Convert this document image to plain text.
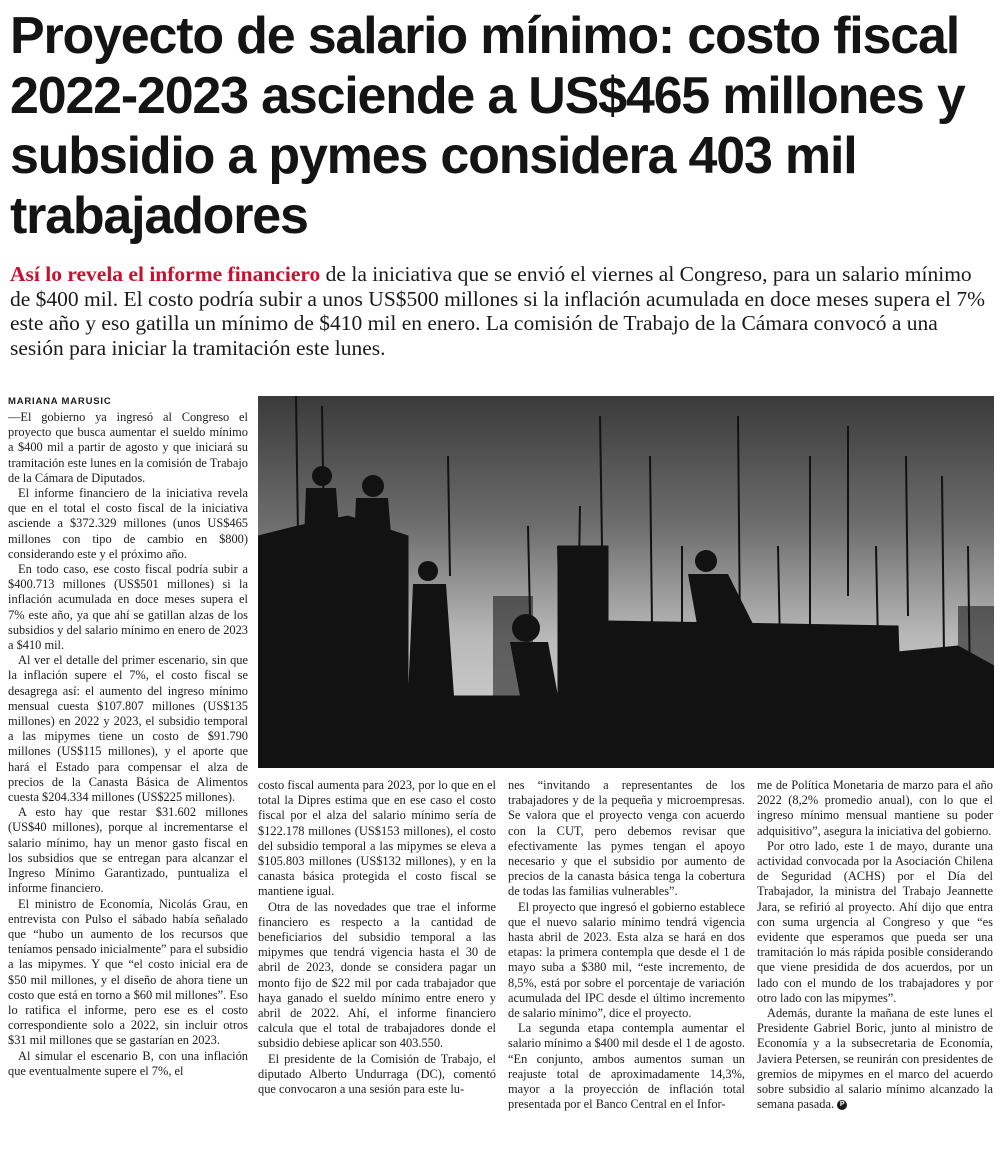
Proyecto de salario mínimo: costo fiscal 2022-2023 asciende a US$465 millones y subsidio a pymes considera 403 mil trabajadores

Así lo revela el informe financiero de la iniciativa que se envió el viernes al Congreso, para un salario mínimo de $400 mil. El costo podría subir a unos US$500 millones si la inflación acumulada en doce meses supera el 7% este año y eso gatilla un mínimo de $410 mil en enero. La comisión de Trabajo de la Cámara convocó a una sesión para iniciar la tramitación este lunes.

MARIANA MARUSIC

—El gobierno ya ingresó al Congreso el proyecto que busca aumentar el sueldo mínimo a $400 mil a partir de agosto y que iniciará su tramitación este lunes en la comisión de Trabajo de la Cámara de Diputados.

El informe financiero de la iniciativa revela que en el total el costo fiscal de la iniciativa asciende a $372.329 millones (unos US$465 millones con tipo de cambio en $800) considerando este y el próximo año.

En todo caso, ese costo fiscal podría subir a $400.713 millones (US$501 millones) si la inflación acumulada en doce meses supera el 7% este año, ya que ahí se gatillan alzas de los subsidios y del salario mínimo en enero de 2023 a $410 mil.

Al ver el detalle del primer escenario, sin que la inflación supere el 7%, el costo fiscal se desagrega así: el aumento del ingreso mínimo mensual cuesta $107.807 millones (US$135 millones) en 2022 y 2023, el subsidio temporal a las mipymes tiene un costo de $91.790 millones (US$115 millones), y el aporte que hará el Estado para compensar el alza de precios de la Canasta Básica de Alimentos cuesta $204.334 millones (US$225 millones).

A esto hay que restar $31.602 millones (US$40 millones), porque al incrementarse el salario mínimo, hay un menor gasto fiscal en los subsidios que se entregan para alcanzar el Ingreso Mínimo Garantizado, puntualiza el informe financiero.

El ministro de Economía, Nicolás Grau, en entrevista con Pulso el sábado había señalado que “hubo un aumento de los recursos que teníamos pensado inicialmente” para el subsidio a las mipymes. Y que “el costo inicial era de $50 mil millones, y el diseño de ahora tiene un costo que está en torno a $60 mil millones”. Eso lo ratifica el informe, pero ese es el costo correspondiente solo a 2022, sin incluir otros $31 mil millones que se gastarían en 2023.

Al simular el escenario B, con una inflación que eventualmente supere el 7%, el

costo fiscal aumenta para 2023, por lo que en el total la Dipres estima que en ese caso el costo fiscal por el alza del salario mínimo sería de $122.178 millones (US$153 millones), el costo del subsidio temporal a las mipymes se eleva a $105.803 millones (US$132 millones), y en la canasta básica protegida el costo fiscal se mantiene igual.

Otra de las novedades que trae el informe financiero es respecto a la cantidad de beneficiarios del subsidio temporal a las mipymes que tendrá vigencia hasta el 30 de abril de 2023, donde se considera pagar un monto fijo de $22 mil por cada trabajador que haya ganado el sueldo mínimo entre enero y abril de 2022. Ahí, el informe financiero calcula que el total de trabajadores donde el subsidio debiese aplicar son 403.550.

El presidente de la Comisión de Trabajo, el diputado Alberto Undurraga (DC), comentó que convocaron a una sesión para este lu-

nes “invitando a representantes de los trabajadores y de la pequeña y microempresas. Se valora que el proyecto venga con acuerdo con la CUT, pero debemos revisar que efectivamente las pymes tengan el apoyo necesario y que el subsidio por aumento de precios de la canasta básica tenga la cobertura de todas las familias vulnerables”.

El proyecto que ingresó el gobierno establece que el nuevo salario mínimo tendrá vigencia hasta abril de 2023. Esta alza se hará en dos etapas: la primera contempla que desde el 1 de mayo suba a $380 mil, “este incremento, de 8,5%, está por sobre el porcentaje de variación acumulada del IPC desde el último incremento de salario mínimo”, dice el proyecto.

La segunda etapa contempla aumentar el salario mínimo a $400 mil desde el 1 de agosto. “En conjunto, ambos aumentos suman un reajuste total de aproximadamente 14,3%, mayor a la proyección de inflación total presentada por el Banco Central en el Infor-

me de Política Monetaria de marzo para el año 2022 (8,2% promedio anual), con lo que el ingreso mínimo mensual mantiene su poder adquisitivo”, asegura la iniciativa del gobierno.

Por otro lado, este 1 de mayo, durante una actividad convocada por la Asociación Chilena de Seguridad (ACHS) por el Día del Trabajador, la ministra del Trabajo Jeannette Jara, se refirió al proyecto. Ahí dijo que entra con suma urgencia al Congreso y que “es evidente que esperamos que pueda ser una tramitación lo más rápida posible considerando que viene presidida de dos acuerdos, por un lado con el mundo de los trabajadores y por otro lado con las mipymes”.

Además, durante la mañana de este lunes el Presidente Gabriel Boric, junto al ministro de Economía y a la subsecretaria de Economía, Javiera Petersen, se reunirán con presidentes de gremios de mipymes en el marco del acuerdo sobre subsidio al salario mínimo alcanzado la semana pasada. P
